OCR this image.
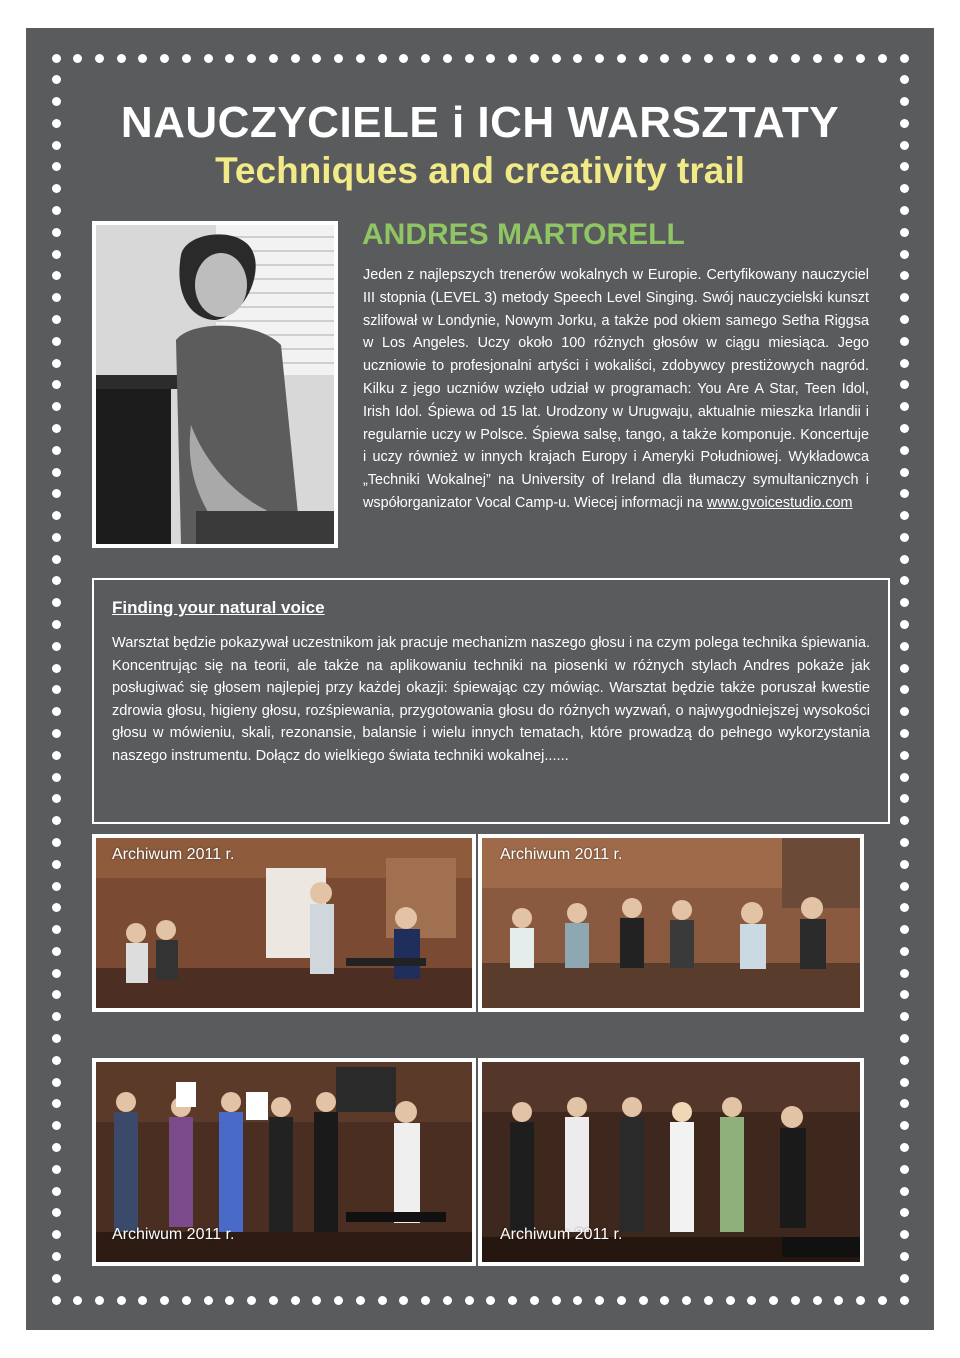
NAUCZYCIELE i ICH WARSZTATY
Techniques and creativity trail
ANDRES MARTORELL

Jeden z najlepszych trenerów wokalnych w Europie. Certyfikowany nauczyciel III stopnia (LEVEL 3) metody Speech Level Singing. Swój nauczycielski kunszt szlifował w Londynie, Nowym Jorku, a także pod okiem samego Setha Riggsa w Los Angeles. Uczy około 100 różnych głosów w ciągu miesiąca. Jego uczniowie to profesjonalni artyści i wokaliści, zdobywcy prestiżowych nagród. Kilku z jego uczniów wzięło udział w programach: You Are A Star, Teen Idol, Irish Idol. Śpiewa od 15 lat. Urodzony w Urugwaju, aktualnie mieszka Irlandii i regularnie uczy w Polsce. Śpiewa salsę, tango, a także komponuje. Koncertuje i uczy również w innych krajach Europy i Ameryki Południowej. Wykładowca „Techniki Wokalnej” na University of Ireland dla tłumaczy symultanicznych i współorganizator Vocal Camp-u. Wiecej informacji na www.gvoicestudio.com

Finding your natural voice

Warsztat będzie pokazywał uczestnikom jak pracuje mechanizm naszego głosu i na czym polega technika śpiewania. Koncentrując się na teorii, ale także na aplikowaniu techniki na piosenki w różnych stylach Andres pokaże jak posługiwać się głosem najlepiej przy każdej okazji: śpiewając czy mówiąc. Warsztat będzie także poruszał kwestie zdrowia głosu, higieny głosu, rozśpiewania, przygotowania głosu do różnych wyzwań, o najwygodniejszej wysokości głosu w mówieniu, skali, rezonansie, balansie i wielu innych tematach, które prowadzą do pełnego wykorzystania naszego instrumentu. Dołącz do wielkiego świata techniki wokalnej......

Archiwum 2011 r.	Archiwum 2011 r.
Archiwum 2011 r.	Archiwum 2011 r.
